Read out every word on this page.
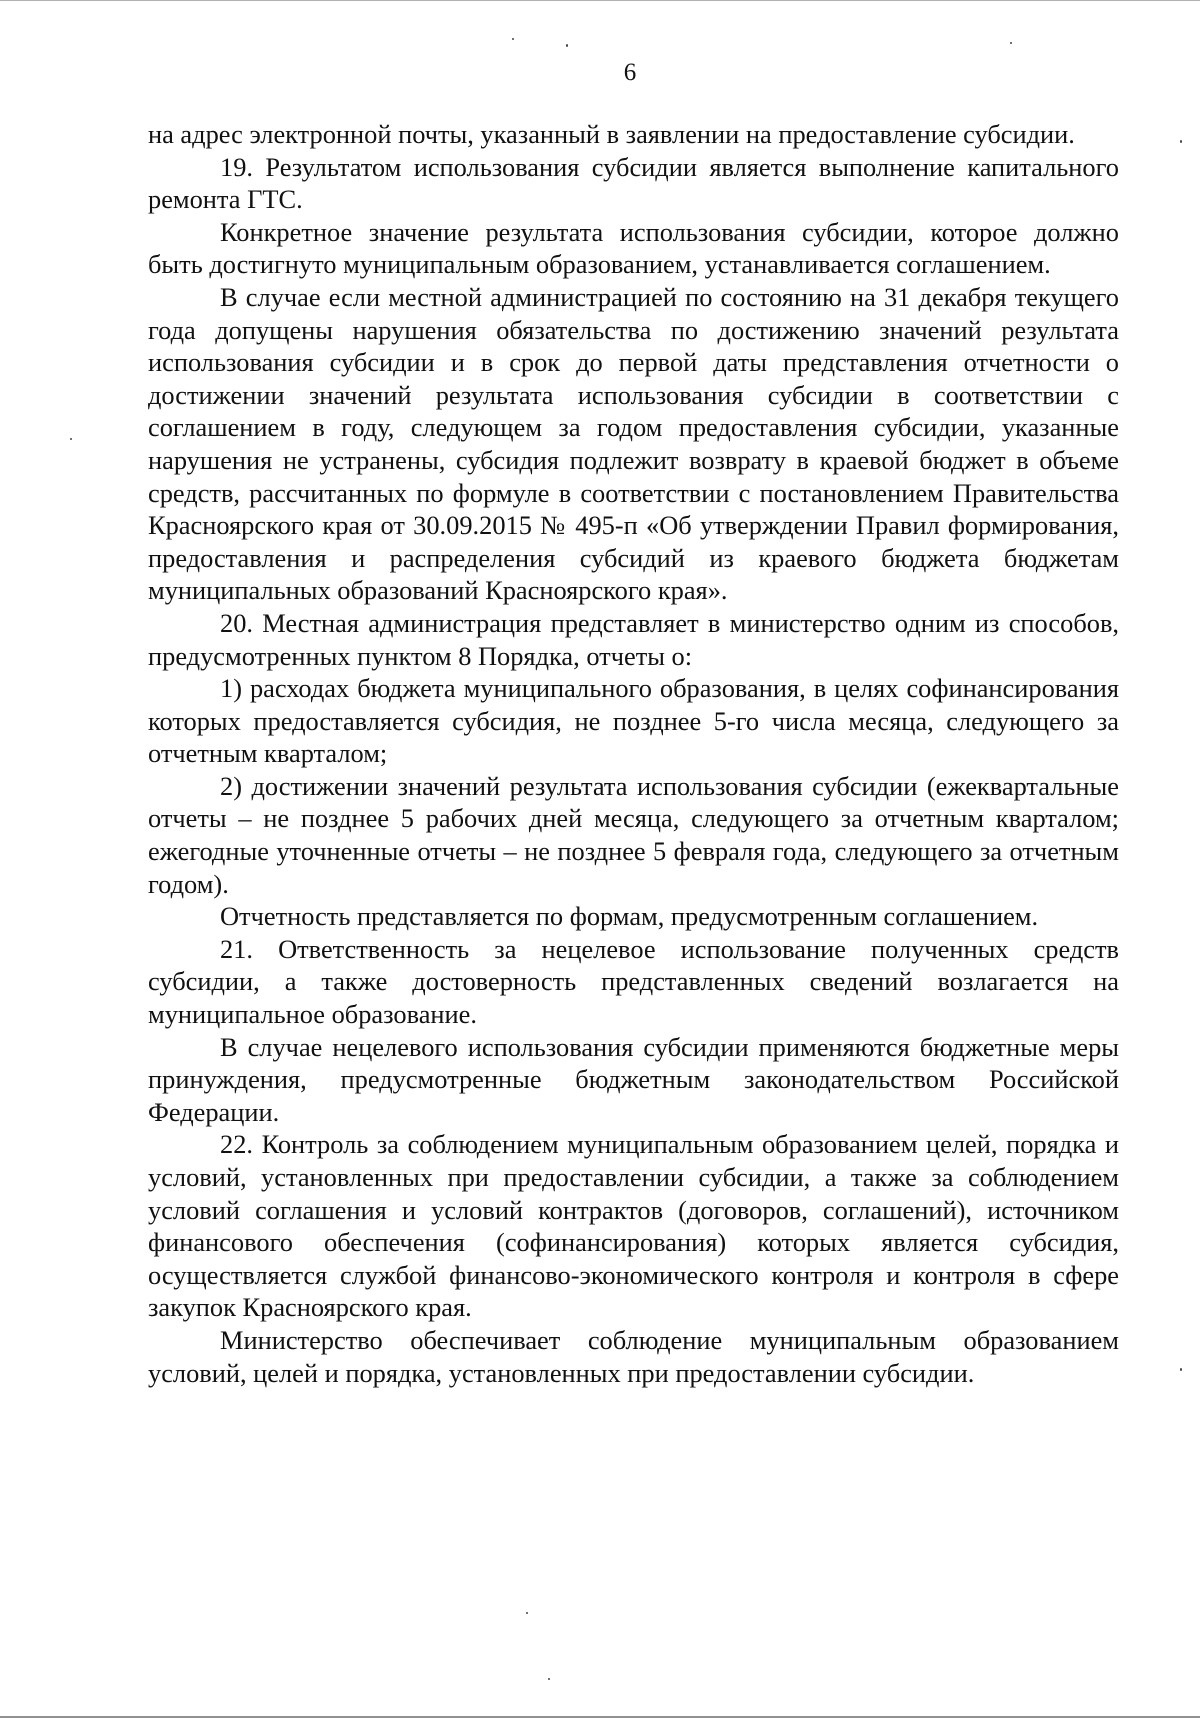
6

на адрес электронной почты, указанный в заявлении на предоставление субсидии.

19. Результатом использования субсидии является выполнение капитального ремонта ГТС.

Конкретное значение результата использования субсидии, которое должно быть достигнуто муниципальным образованием, устанавливается соглашением.

В случае если местной администрацией по состоянию на 31 декабря текущего года допущены нарушения обязательства по достижению значений результата использования субсидии и в срок до первой даты представления отчетности о достижении значений результата использования субсидии в соответствии с соглашением в году, следующем за годом предоставления субсидии, указанные нарушения не устранены, субсидия подлежит возврату в краевой бюджет в объеме средств, рассчитанных по формуле в соответствии с постановлением Правительства Красноярского края от 30.09.2015 № 495-п «Об утверждении Правил формирования, предоставления и распределения субсидий из краевого бюджета бюджетам муниципальных образований Красноярского края».

20. Местная администрация представляет в министерство одним из способов, предусмотренных пунктом 8 Порядка, отчеты о:

1) расходах бюджета муниципального образования, в целях софинансирования которых предоставляется субсидия, не позднее 5-го числа месяца, следующего за отчетным кварталом;

2) достижении значений результата использования субсидии (ежеквартальные отчеты – не позднее 5 рабочих дней месяца, следующего за отчетным кварталом; ежегодные уточненные отчеты – не позднее 5 февраля года, следующего за отчетным годом).

Отчетность представляется по формам, предусмотренным соглашением.

21. Ответственность за нецелевое использование полученных средств субсидии, а также достоверность представленных сведений возлагается на муниципальное образование.

В случае нецелевого использования субсидии применяются бюджетные меры принуждения, предусмотренные бюджетным законодательством Российской Федерации.

22. Контроль за соблюдением муниципальным образованием целей, порядка и условий, установленных при предоставлении субсидии, а также за соблюдением условий соглашения и условий контрактов (договоров, соглашений), источником финансового обеспечения (софинансирования) которых является субсидия, осуществляется службой финансово-экономического контроля и контроля в сфере закупок Красноярского края.

Министерство обеспечивает соблюдение муниципальным образованием условий, целей и порядка, установленных при предоставлении субсидии.
